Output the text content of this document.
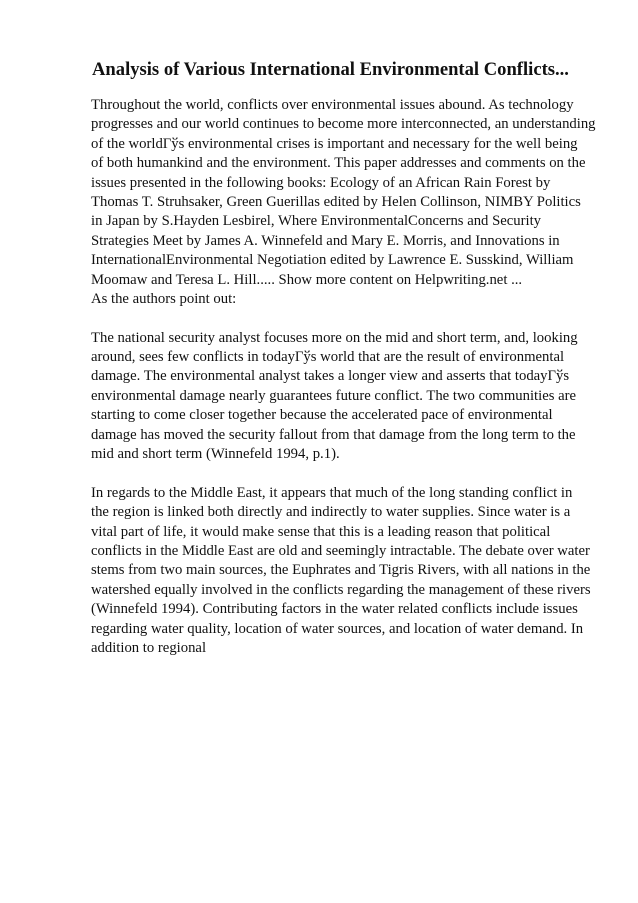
Analysis of Various International Environmental Conflicts...
Throughout the world, conflicts over environmental issues abound. As technology
progresses and our world continues to become more interconnected, an understanding
of the worldГўs environmental crises is important and necessary for the well being
of both humankind and the environment. This paper addresses and comments on the
issues presented in the following books: Ecology of an African Rain Forest by
Thomas T. Struhsaker, Green Guerillas edited by Helen Collinson, NIMBY Politics
in Japan by S.Hayden Lesbirel, Where EnvironmentalConcerns and Security
Strategies Meet by James A. Winnefeld and Mary E. Morris, and Innovations in
InternationalEnvironmental Negotiation edited by Lawrence E. Susskind, William
Moomaw and Teresa L. Hill..... Show more content on Helpwriting.net ...
As the authors point out:
The national security analyst focuses more on the mid and short term, and, looking
around, sees few conflicts in todayГўs world that are the result of environmental
damage. The environmental analyst takes a longer view and asserts that todayГўs
environmental damage nearly guarantees future conflict. The two communities are
starting to come closer together because the accelerated pace of environmental
damage has moved the security fallout from that damage from the long term to the
mid and short term (Winnefeld 1994, p.1).
In regards to the Middle East, it appears that much of the long standing conflict in
the region is linked both directly and indirectly to water supplies. Since water is a
vital part of life, it would make sense that this is a leading reason that political
conflicts in the Middle East are old and seemingly intractable. The debate over water
stems from two main sources, the Euphrates and Tigris Rivers, with all nations in the
watershed equally involved in the conflicts regarding the management of these rivers
(Winnefeld 1994). Contributing factors in the water related conflicts include issues
regarding water quality, location of water sources, and location of water demand. In
addition to regional
